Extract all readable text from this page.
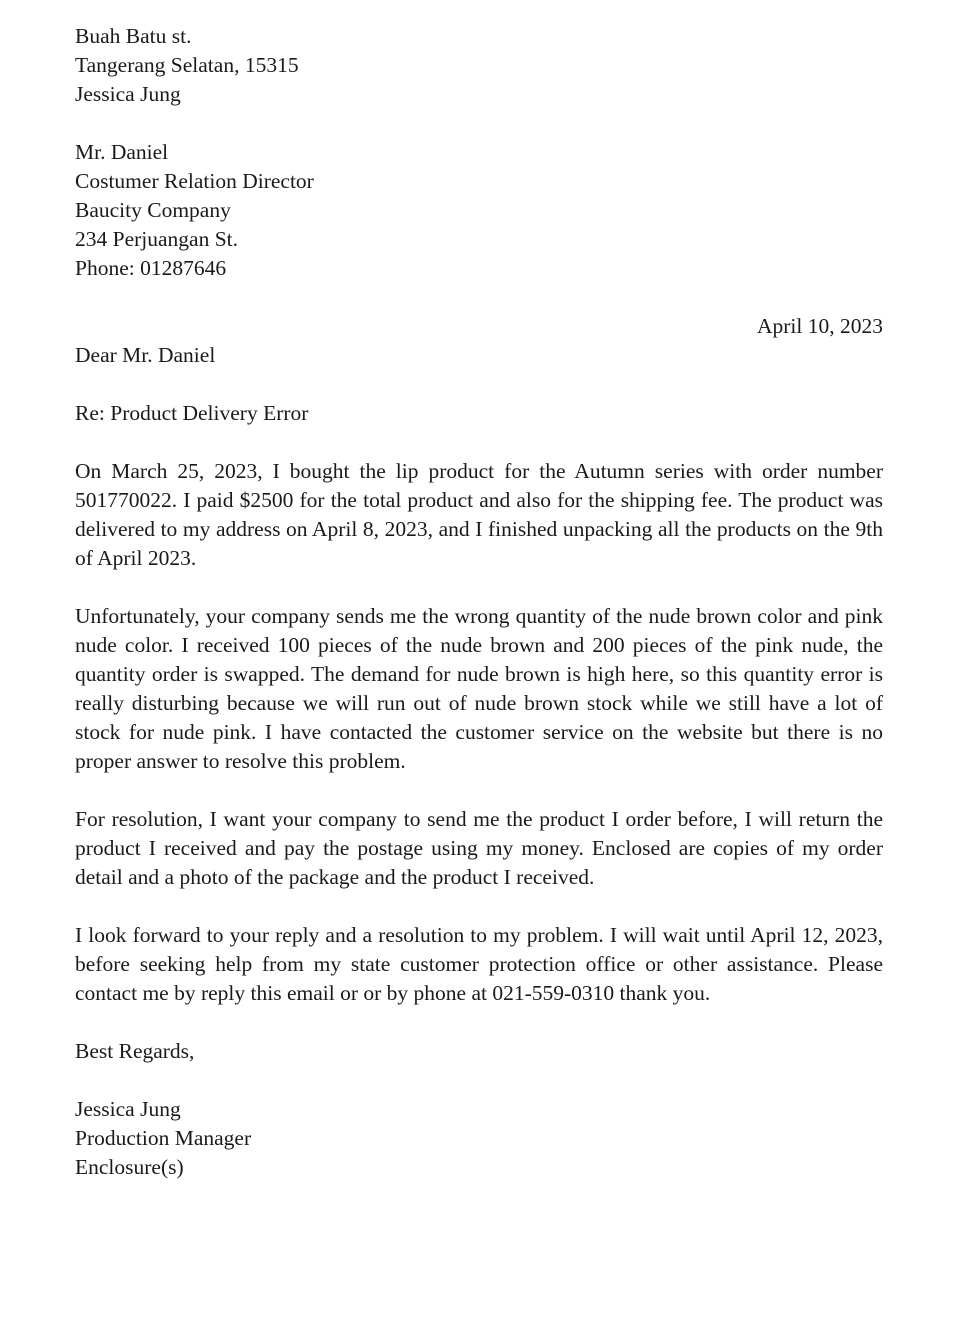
Buah Batu st.
Tangerang Selatan, 15315
Jessica Jung
Mr. Daniel
Costumer Relation Director
Baucity Company
234 Perjuangan St.
Phone: 01287646
April 10, 2023
Dear Mr. Daniel
Re: Product Delivery Error

On March 25, 2023, I bought the lip product for the Autumn series with order number 501770022. I paid $2500 for the total product and also for the shipping fee. The product was delivered to my address on April 8, 2023, and I finished unpacking all the products on the 9th of April 2023.

Unfortunately, your company sends me the wrong quantity of the nude brown color and pink nude color. I received 100 pieces of the nude brown and 200 pieces of the pink nude, the quantity order is swapped. The demand for nude brown is high here, so this quantity error is really disturbing because we will run out of nude brown stock while we still have a lot of stock for nude pink. I have contacted the customer service on the website but there is no proper answer to resolve this problem.

For resolution, I want your company to send me the product I order before, I will return the product I received and pay the postage using my money. Enclosed are copies of my order detail and a photo of the package and the product I received.

I look forward to your reply and a resolution to my problem. I will wait until April 12, 2023, before seeking help from my state customer protection office or other assistance. Please contact me by reply this email or or by phone at 021-559-0310 thank you.

Best Regards,
Jessica Jung
Production Manager
Enclosure(s)
